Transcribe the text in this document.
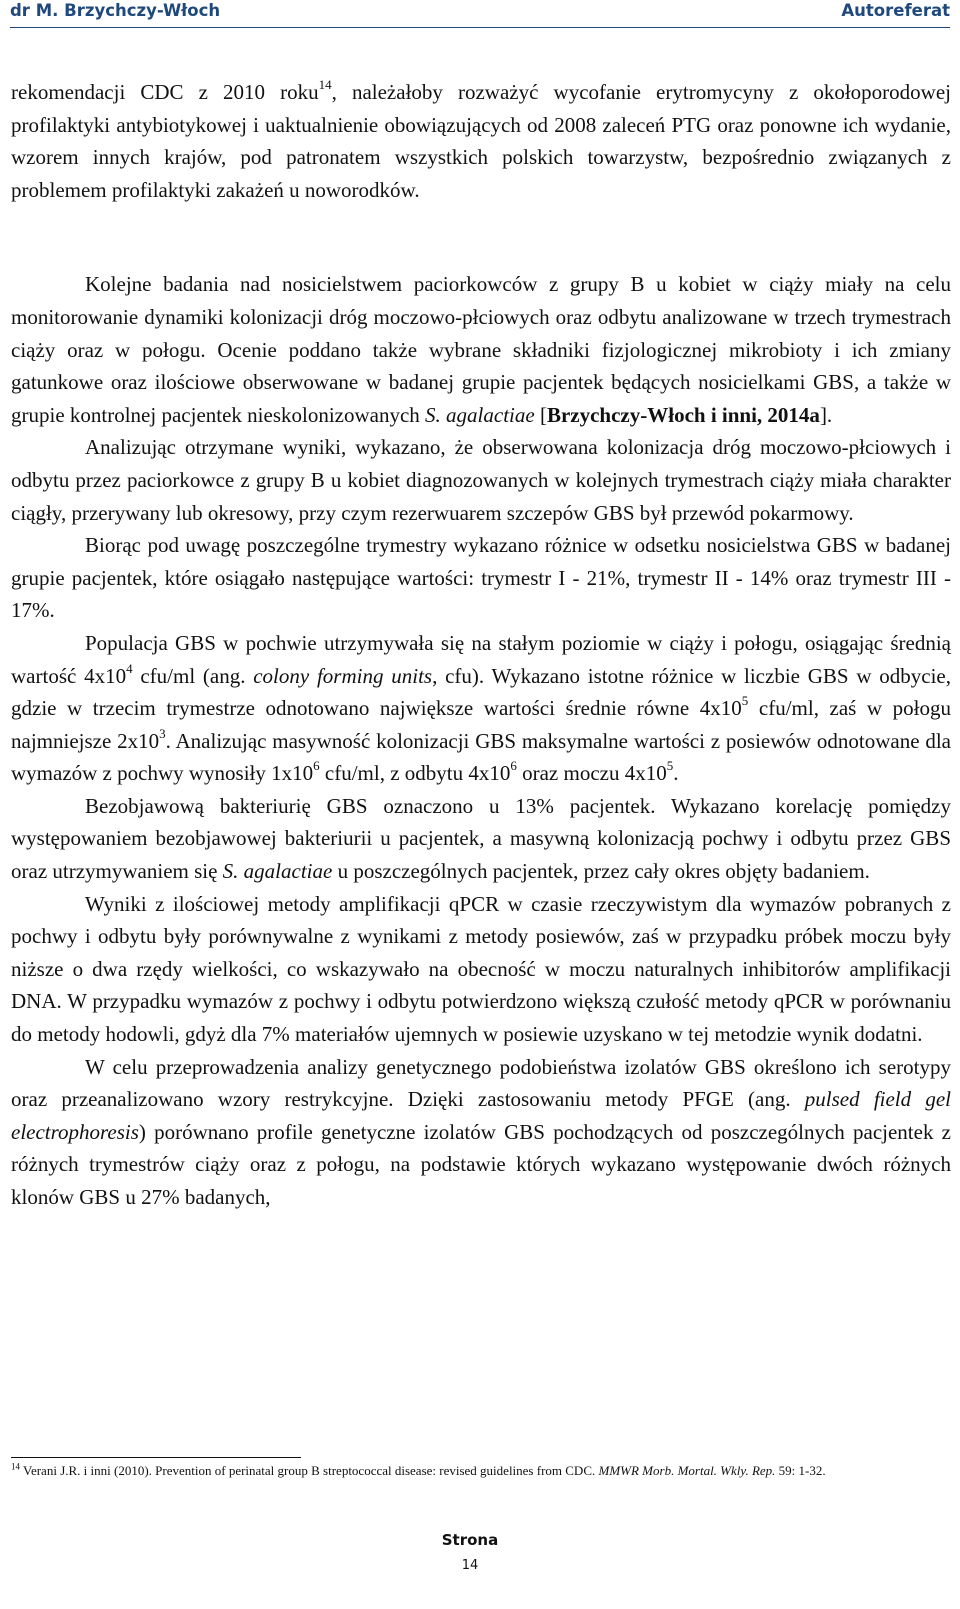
dr M. Brzychczy-Włoch	Autoreferat

rekomendacji CDC z 2010 roku$^{14}$, należałoby rozważyć wycofanie erytromycyny z okołoporodowej profilaktyki antybiotykowej i uaktualnienie obowiązujących od 2008 zaleceń PTG oraz ponowne ich wydanie, wzorem innych krajów, pod patronatem wszystkich polskich towarzystw, bezpośrednio związanych z problemem profilaktyki zakażeń u noworodków.

Kolejne badania nad nosicielstwem paciorkowców z grupy B u kobiet w ciąży miały na celu monitorowanie dynamiki kolonizacji dróg moczowo-płciowych oraz odbytu analizowane w trzech trymestrach ciąży oraz w połogu. Ocenie poddano także wybrane składniki fizjologicznej mikrobioty i ich zmiany gatunkowe oraz ilościowe obserwowane w badanej grupie pacjentek będących nosicielkami GBS, a także w grupie kontrolnej pacjentek nieskolonizowanych S. agalactiae [Brzychczy-Włoch i inni, 2014a].

Analizując otrzymane wyniki, wykazano, że obserwowana kolonizacja dróg moczowo-płciowych i odbytu przez paciorkowce z grupy B u kobiet diagnozowanych w kolejnych trymestrach ciąży miała charakter ciągły, przerywany lub okresowy, przy czym rezerwuarem szczepów GBS był przewód pokarmowy.

Biorąc pod uwagę poszczególne trymestry wykazano różnice w odsetku nosicielstwa GBS w badanej grupie pacjentek, które osiągało następujące wartości: trymestr I - 21%, trymestr II - 14% oraz trymestr III - 17%.

Populacja GBS w pochwie utrzymywała się na stałym poziomie w ciąży i połogu, osiągając średnią wartość $4x10^4$ cfu/ml (ang. colony forming units, cfu). Wykazano istotne różnice w liczbie GBS w odbycie, gdzie w trzecim trymestrze odnotowano największe wartości średnie równe $4x10^5$ cfu/ml, zaś w połogu najmniejsze $2x10^3$. Analizując masywność kolonizacji GBS maksymalne wartości z posiewów odnotowane dla wymazów z pochwy wynosiły $1x10^6$ cfu/ml, z odbytu $4x10^6$ oraz moczu $4x10^5$.

Bezobjawową bakteriurię GBS oznaczono u 13% pacjentek. Wykazano korelację pomiędzy występowaniem bezobjawowej bakteriurii u pacjentek, a masywną kolonizacją pochwy i odbytu przez GBS oraz utrzymywaniem się S. agalactiae u poszczególnych pacjentek, przez cały okres objęty badaniem.

Wyniki z ilościowej metody amplifikacji qPCR w czasie rzeczywistym dla wymazów pobranych z pochwy i odbytu były porównywalne z wynikami z metody posiewów, zaś w przypadku próbek moczu były niższe o dwa rzędy wielkości, co wskazywało na obecność w moczu naturalnych inhibitorów amplifikacji DNA. W przypadku wymazów z pochwy i odbytu potwierdzono większą czułość metody qPCR w porównaniu do metody hodowli, gdyż dla 7% materiałów ujemnych w posiewie uzyskano w tej metodzie wynik dodatni.

W celu przeprowadzenia analizy genetycznego podobieństwa izolatów GBS określono ich serotypy oraz przeanalizowano wzory restrykcyjne. Dzięki zastosowaniu metody PFGE (ang. pulsed field gel electrophoresis) porównano profile genetyczne izolatów GBS pochodzących od poszczególnych pacjentek z różnych trymestrów ciąży oraz z połogu, na podstawie których wykazano występowanie dwóch różnych klonów GBS u 27% badanych,

$^{14}$ Verani J.R. i inni (2010). Prevention of perinatal group B streptococcal disease: revised guidelines from CDC. MMWR Morb. Mortal. Wkly. Rep. 59: 1-32.
Strona
14
